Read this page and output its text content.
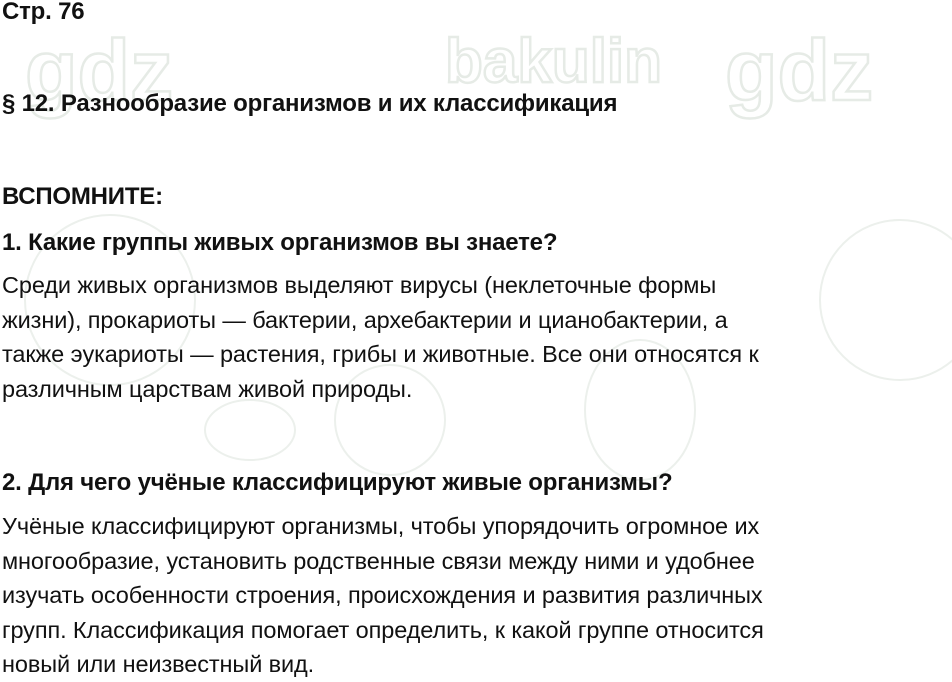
gdz	bakulin gdz

Стр. 76

§ 12. Разнообразие организмов и их классификация

ВСПОМНИТЕ:

1. Какие группы живых организмов вы знаете?

Среди живых организмов выделяют вирусы (неклеточные формы
жизни), прокариоты — бактерии, архебактерии и цианобактерии, а
также эукариоты — растения, грибы и животные. Все они относятся к
различным царствам живой природы.

2. Для чего учёные классифицируют живые организмы?

Учёные классифицируют организмы, чтобы упорядочить огромное их
многообразие, установить родственные связи между ними и удобнее
изучать особенности строения, происхождения и развития различных
групп. Классификация помогает определить, к какой группе относится
новый или неизвестный вид.
